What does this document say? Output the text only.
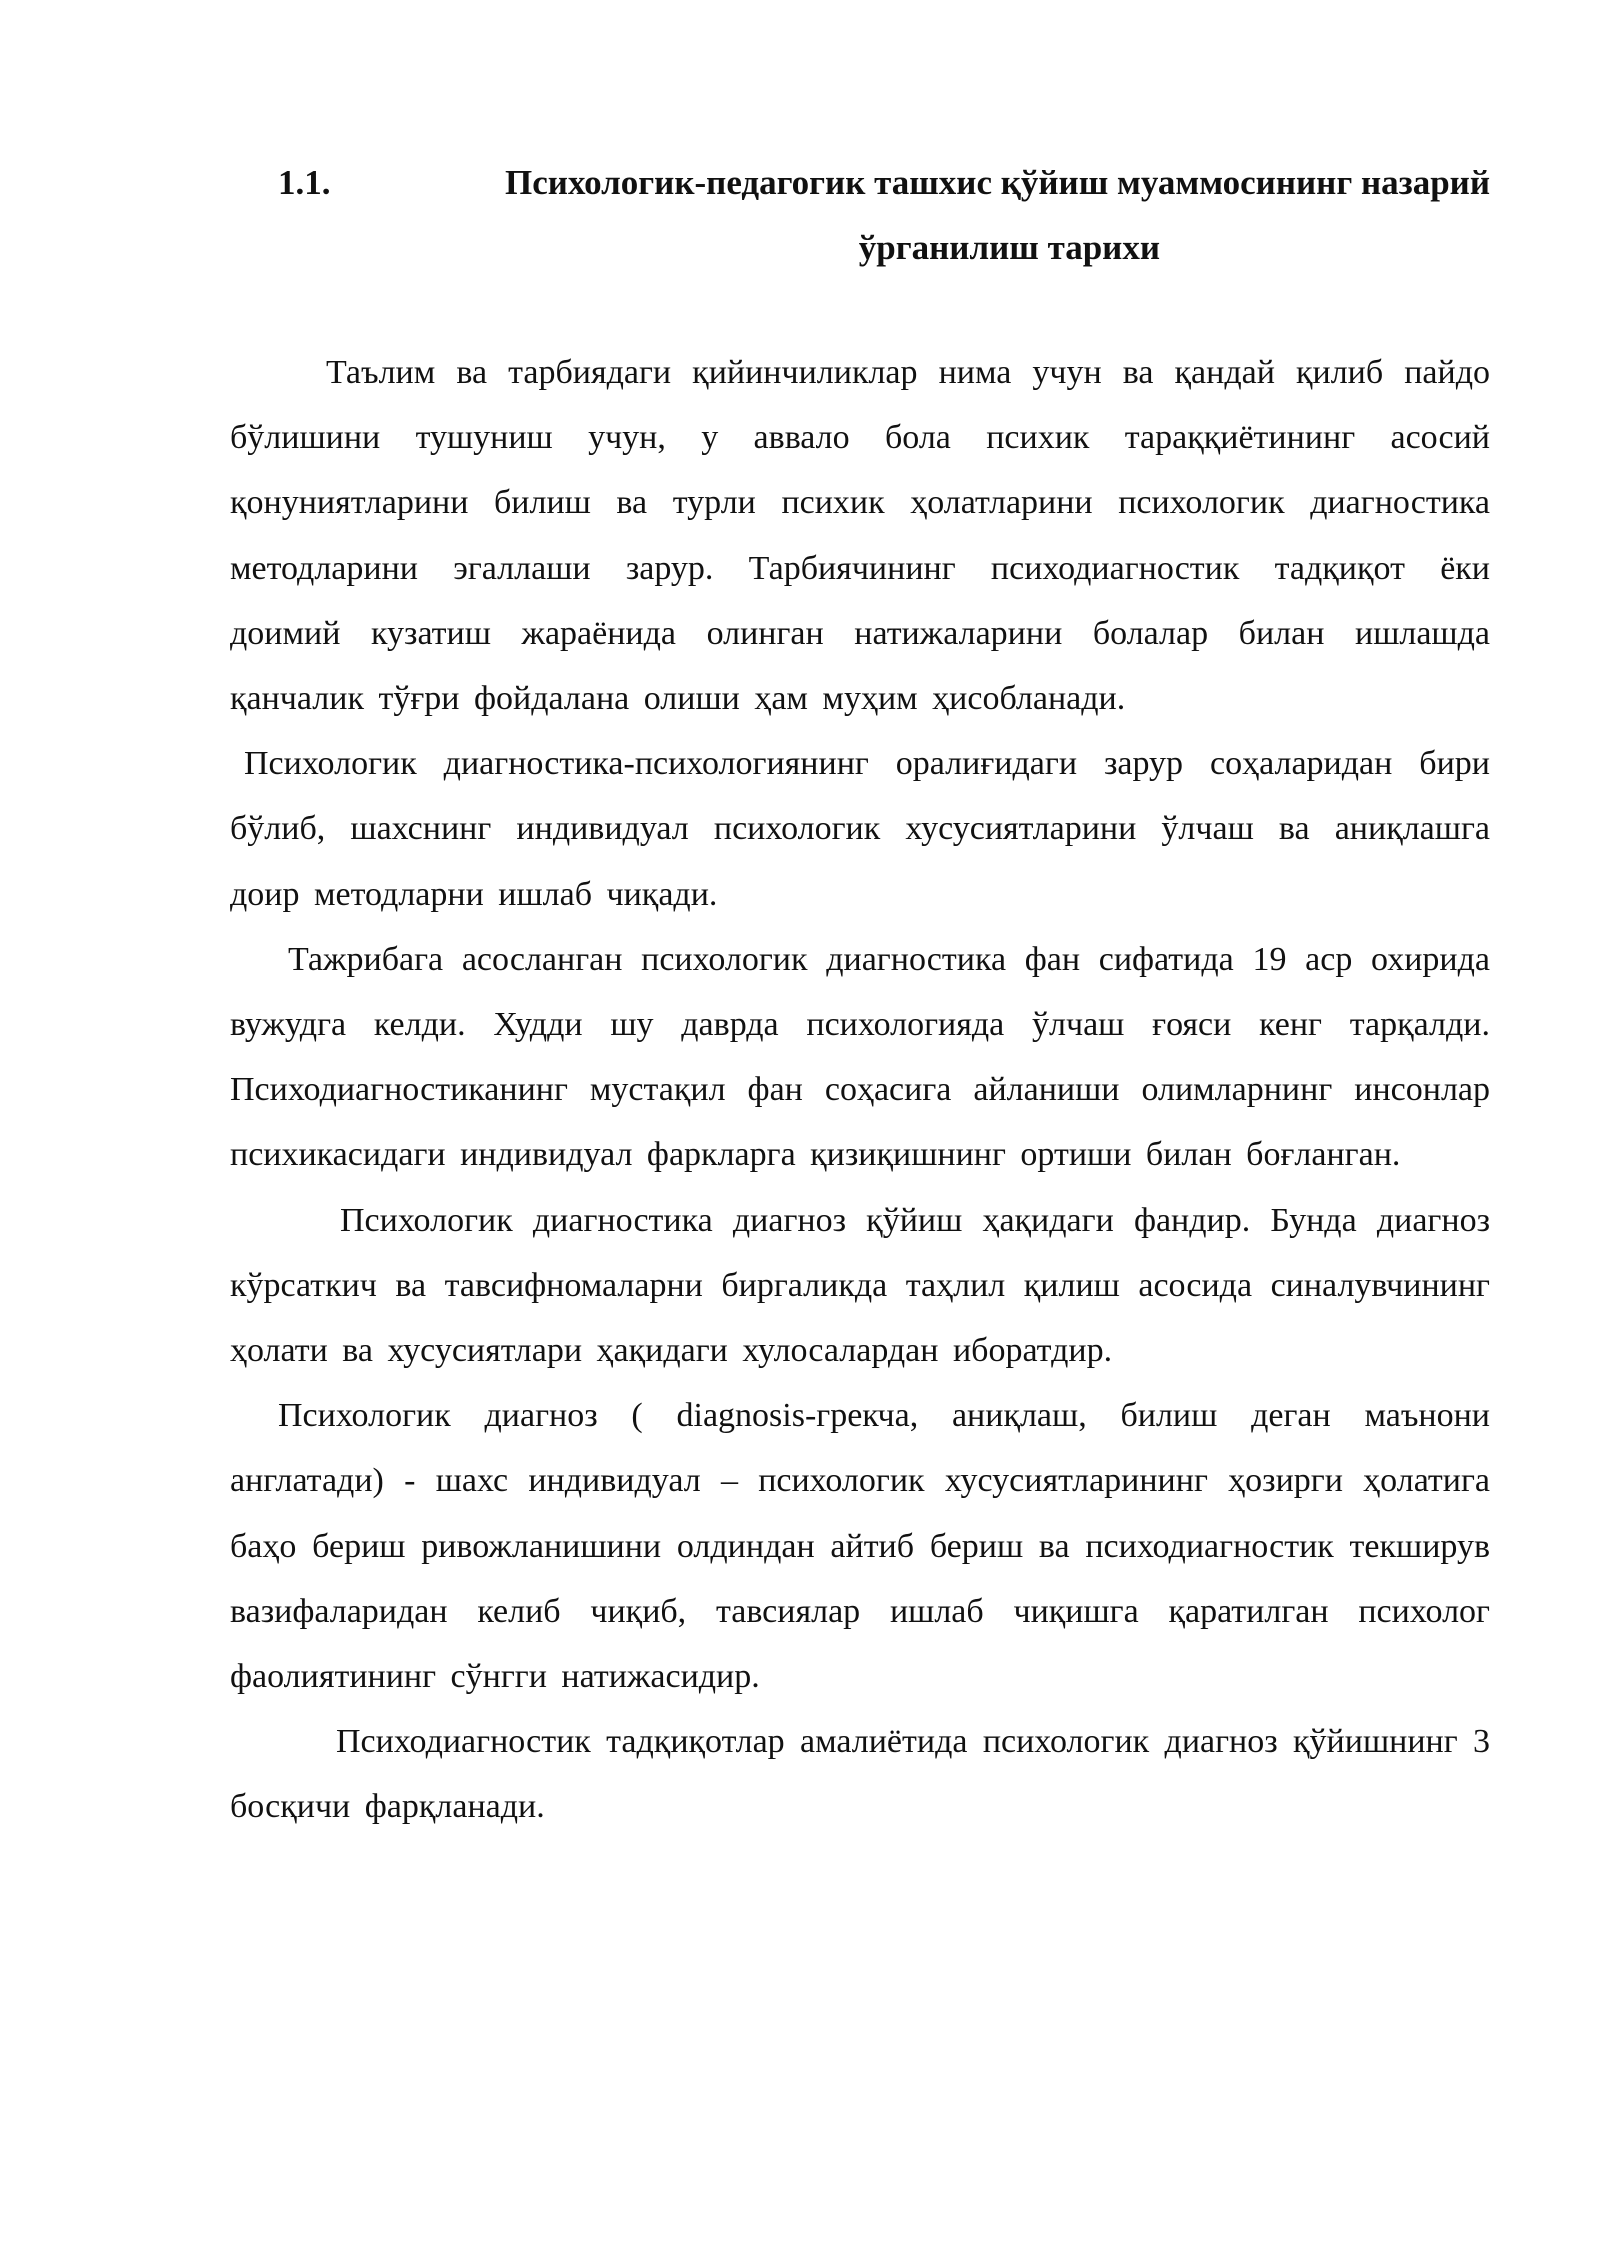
1.1.	Психологик-педагогик ташхис қўйиш муаммосининг назарий
ўрганилиш тарихи

Таълим ва тарбиядаги қийинчиликлар нима учун ва қандай қилиб пайдо бўлишини тушуниш учун, у аввало бола психик тараққиётининг асосий қонуниятларини билиш ва турли психик ҳолатларини психологик диагностика методларини эгаллаши зарур. Тарбиячининг психодиагностик тадқиқот ёки доимий кузатиш жараёнида олинган натижаларини болалар билан ишлашда қанчалик тўғри фойдалана олиши ҳам муҳим ҳисобланади.

Психологик диагностика-психологиянинг оралиғидаги зарур соҳаларидан бири бўлиб, шахснинг индивидуал психологик хусусиятларини ўлчаш ва аниқлашга доир методларни ишлаб чиқади.

Тажрибага асосланган психологик диагностика фан сифатида 19 аср охирида вужудга келди. Худди шу даврда психологияда ўлчаш ғояси кенг тарқалди. Психодиагностиканинг мустақил фан соҳасига айланиши олимларнинг инсонлар психикасидаги индивидуал фаркларга қизиқишнинг ортиши билан боғланган.

Психологик диагностика диагноз қўйиш ҳақидаги фандир. Бунда диагноз кўрсаткич ва тавсифномаларни биргаликда таҳлил қилиш асосида синалувчининг ҳолати ва хусусиятлари ҳақидаги хулосалардан иборатдир.

Психологик диагноз ( diagnosis-грекча, аниқлаш, билиш деган маънони англатади) - шахс индивидуал – психологик хусусиятларининг ҳозирги ҳолатига баҳо бериш ривожланишини олдиндан айтиб бериш ва психодиагностик текширув вазифаларидан келиб чиқиб, тавсиялар ишлаб чиқишга қаратилган психолог фаолиятининг сўнгги натижасидир.

Психодиагностик тадқиқотлар амалиётида психологик диагноз қўйишнинг 3 босқичи фарқланади.
